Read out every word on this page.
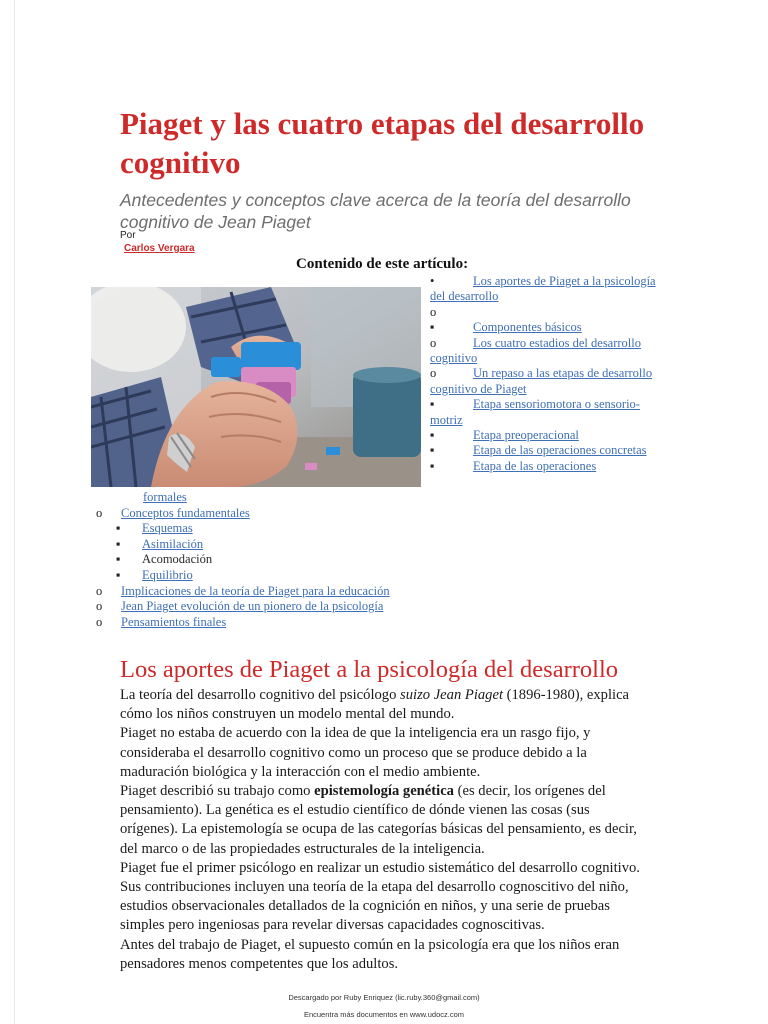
Piaget y las cuatro etapas del desarrollo cognitivo

Antecedentes y conceptos clave acerca de la teoría del desarrollo cognitivo de Jean Piaget

Por
Carlos Vergara
Contenido de este artículo:
•	Los aportes de Piaget a la psicología del desarrollo
o
▪	Componentes básicos
o	Los cuatro estadios del desarrollo cognitivo
o	Un repaso a las etapas de desarrollo cognitivo de Piaget
▪	Etapa sensoriomotora o sensorio-motriz
▪	Etapa preoperacional
▪	Etapa de las operaciones concretas
▪	Etapa de las operaciones
formales
o Conceptos fundamentales
▪ Esquemas
▪ Asimilación
▪ Acomodación
▪ Equilibrio
o Implicaciones de la teoría de Piaget para la educación
o Jean Piaget evolución de un pionero de la psicología
o Pensamientos finales
Los aportes de Piaget a la psicología del desarrollo

La teoría del desarrollo cognitivo del psicólogo suizo Jean Piaget (1896-1980), explica cómo los niños construyen un modelo mental del mundo.

Piaget no estaba de acuerdo con la idea de que la inteligencia era un rasgo fijo, y consideraba el desarrollo cognitivo como un proceso que se produce debido a la maduración biológica y la interacción con el medio ambiente.

Piaget describió su trabajo como epistemología genética (es decir, los orígenes del pensamiento). La genética es el estudio científico de dónde vienen las cosas (sus orígenes). La epistemología se ocupa de las categorías básicas del pensamiento, es decir, del marco o de las propiedades estructurales de la inteligencia.

Piaget fue el primer psicólogo en realizar un estudio sistemático del desarrollo cognitivo.

Sus contribuciones incluyen una teoría de la etapa del desarrollo cognoscitivo del niño, estudios observacionales detallados de la cognición en niños, y una serie de pruebas simples pero ingeniosas para revelar diversas capacidades cognoscitivas.

Antes del trabajo de Piaget, el supuesto común en la psicología era que los niños eran pensadores menos competentes que los adultos.

Descargado por Ruby Enriquez (lic.ruby.360@gmail.com)
Encuentra más documentos en www.udocz.com
